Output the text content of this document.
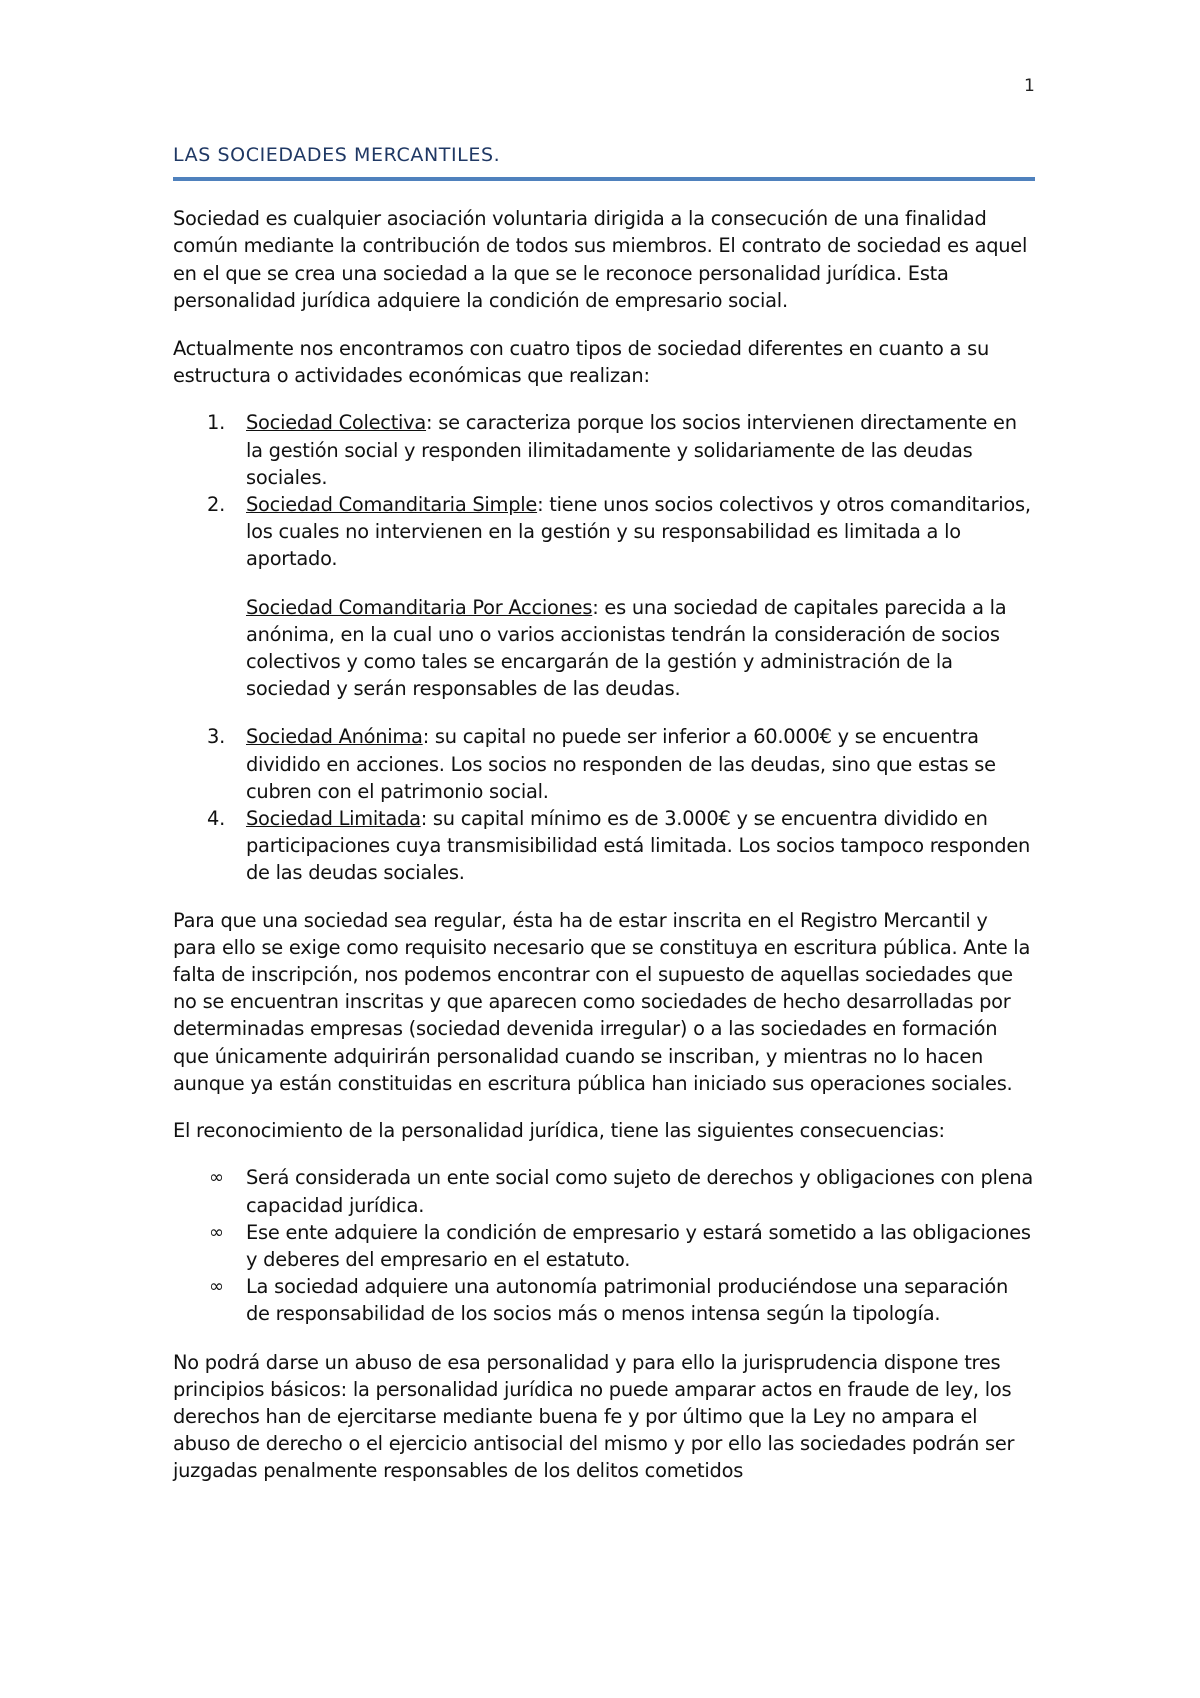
1
LAS SOCIEDADES MERCANTILES.

Sociedad es cualquier asociación voluntaria dirigida a la consecución de una finalidad común mediante la contribución de todos sus miembros. El contrato de sociedad es aquel en el que se crea una sociedad a la que se le reconoce personalidad jurídica. Esta personalidad jurídica adquiere la condición de empresario social.

Actualmente nos encontramos con cuatro tipos de sociedad diferentes en cuanto a su estructura o actividades económicas que realizan:

1. Sociedad Colectiva: se caracteriza porque los socios intervienen directamente en la gestión social y responden ilimitadamente y solidariamente de las deudas sociales.
2. Sociedad Comanditaria Simple: tiene unos socios colectivos y otros comanditarios, los cuales no intervienen en la gestión y su responsabilidad es limitada a lo aportado.
Sociedad Comanditaria Por Acciones: es una sociedad de capitales parecida a la anónima, en la cual uno o varios accionistas tendrán la consideración de socios colectivos y como tales se encargarán de la gestión y administración de la sociedad y serán responsables de las deudas.
3. Sociedad Anónima: su capital no puede ser inferior a 60.000€ y se encuentra dividido en acciones. Los socios no responden de las deudas, sino que estas se cubren con el patrimonio social.
4. Sociedad Limitada: su capital mínimo es de 3.000€ y se encuentra dividido en participaciones cuya transmisibilidad está limitada. Los socios tampoco responden de las deudas sociales.

Para que una sociedad sea regular, ésta ha de estar inscrita en el Registro Mercantil y para ello se exige como requisito necesario que se constituya en escritura pública. Ante la falta de inscripción, nos podemos encontrar con el supuesto de aquellas sociedades que no se encuentran inscritas y que aparecen como sociedades de hecho desarrolladas por determinadas empresas (sociedad devenida irregular) o a las sociedades en formación que únicamente adquirirán personalidad cuando se inscriban, y mientras no lo hacen aunque ya están constituidas en escritura pública han iniciado sus operaciones sociales.

El reconocimiento de la personalidad jurídica, tiene las siguientes consecuencias:

∞ Será considerada un ente social como sujeto de derechos y obligaciones con plena capacidad jurídica.
∞ Ese ente adquiere la condición de empresario y estará sometido a las obligaciones y deberes del empresario en el estatuto.
∞ La sociedad adquiere una autonomía patrimonial produciéndose una separación de responsabilidad de los socios más o menos intensa según la tipología.

No podrá darse un abuso de esa personalidad y para ello la jurisprudencia dispone tres principios básicos: la personalidad jurídica no puede amparar actos en fraude de ley, los derechos han de ejercitarse mediante buena fe y por último que la Ley no ampara el abuso de derecho o el ejercicio antisocial del mismo y por ello las sociedades podrán ser juzgadas penalmente responsables de los delitos cometidos
